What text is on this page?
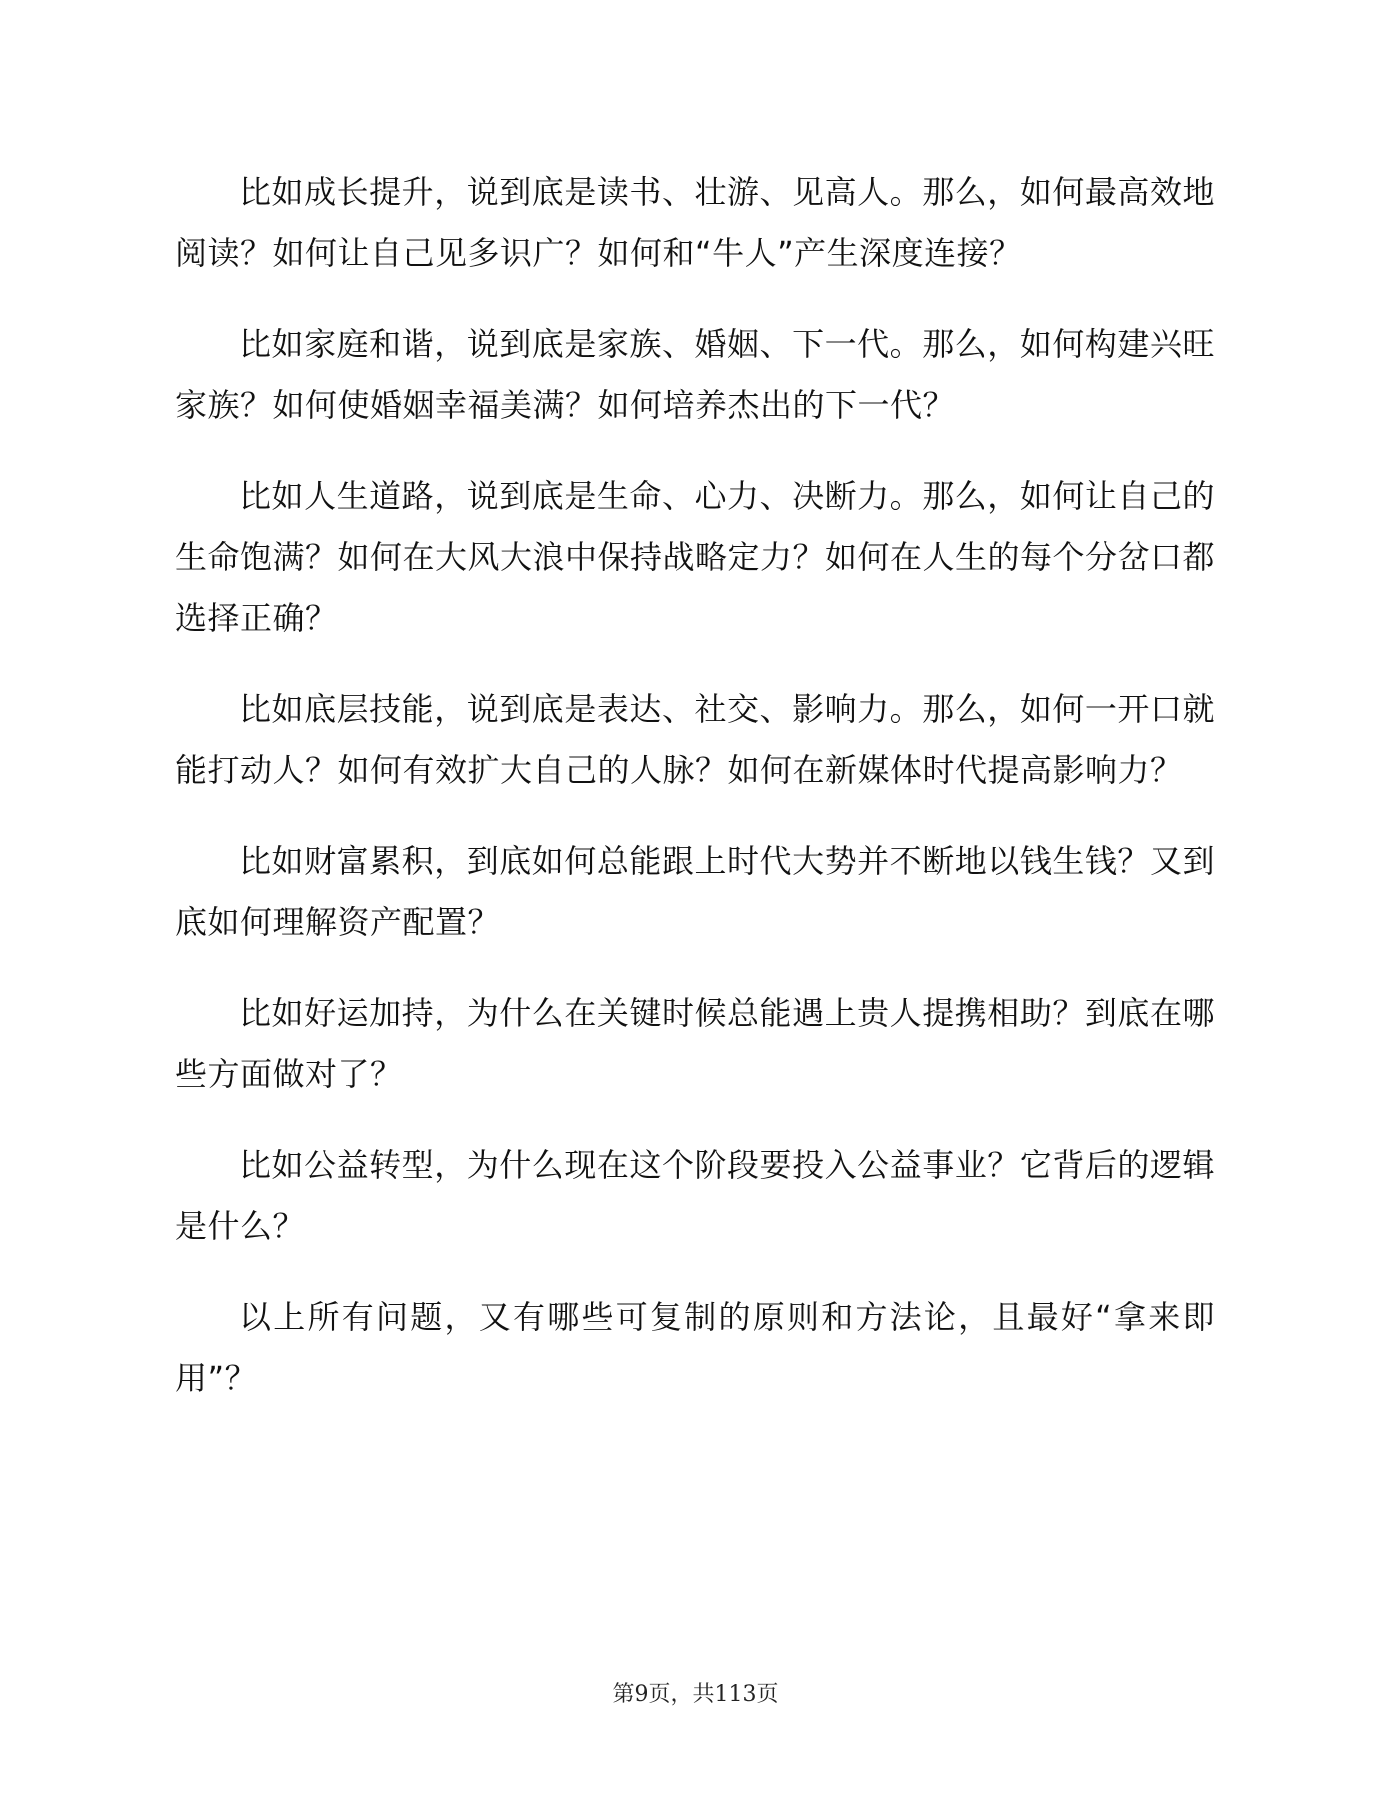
比如成长提升，说到底是读书、壮游、见高人。那么，如何最高效地阅读？如何让自己见多识广？如何和“牛人”产生深度连接？

比如家庭和谐，说到底是家族、婚姻、下一代。那么，如何构建兴旺家族？如何使婚姻幸福美满？如何培养杰出的下一代？

比如人生道路，说到底是生命、心力、决断力。那么，如何让自己的生命饱满？如何在大风大浪中保持战略定力？如何在人生的每个分岔口都选择正确？

比如底层技能，说到底是表达、社交、影响力。那么，如何一开口就能打动人？如何有效扩大自己的人脉？如何在新媒体时代提高影响力？

比如财富累积，到底如何总能跟上时代大势并不断地以钱生钱？又到底如何理解资产配置？

比如好运加持，为什么在关键时候总能遇上贵人提携相助？到底在哪些方面做对了？

比如公益转型，为什么现在这个阶段要投入公益事业？它背后的逻辑是什么？

以上所有问题，又有哪些可复制的原则和方法论，且最好“拿来即用”？

第9页，共113页
